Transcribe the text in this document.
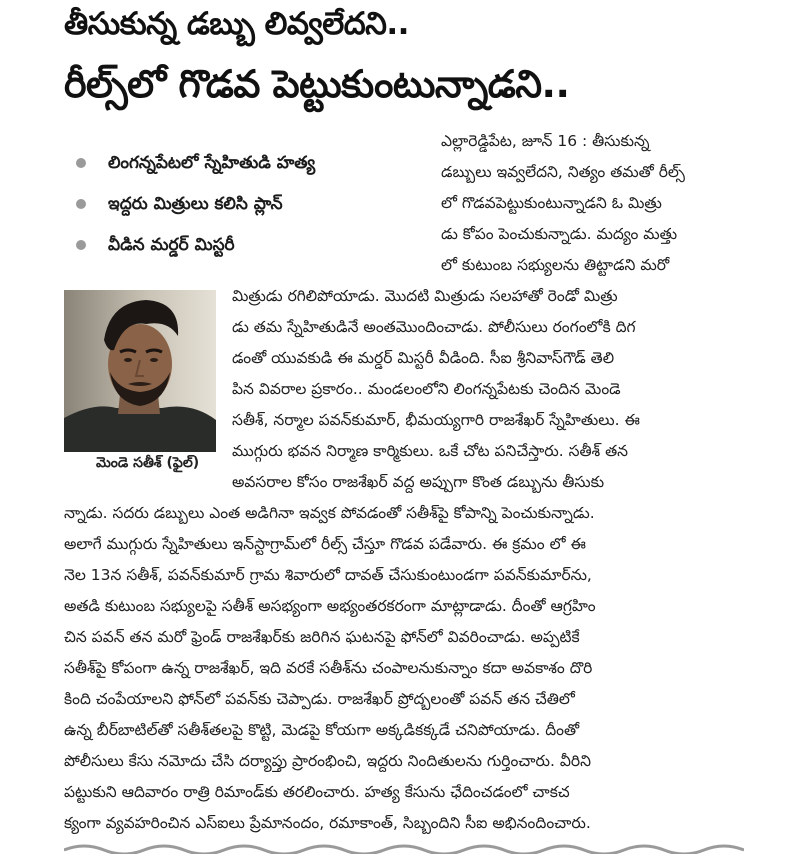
తీసుకున్న డబ్బు లివ్వలేదని..
రీల్స్‌లో గొడవ పెట్టుకుంటున్నాడని..
లింగన్నపేటలో స్నేహితుడి హత్య
ఇద్దరు మిత్రులు కలిసి ప్లాన్
వీడిన మర్డర్ మిస్టరీ
మెండె సతీశ్ (ఫైల్)
ఎల్లారెడ్డిపేట, జూన్ 16 : తీసుకున్న
డబ్బులు ఇవ్వలేదని, నిత్యం తమతో రీల్స్
లో గొడవపెట్టుకుంటున్నాడని ఓ మిత్రు
డు కోపం పెంచుకున్నాడు. మద్యం మత్తు
లో కుటుంబ సభ్యులను తిట్టాడని మరో
మిత్రుడు రగిలిపోయాడు. మొదటి మిత్రుడు సలహాతో రెండో మిత్రు
డు తమ స్నేహితుడినే అంతమొందించాడు. పోలీసులు రంగంలోకి దిగ
డంతో యువకుడి ఈ మర్డర్ మిస్టరీ వీడింది. సీఐ శ్రీనివాస్‌గౌడ్ తెలి
పిన వివరాల ప్రకారం.. మండలంలోని లింగన్నపేటకు చెందిన మెండె
సతీశ్, నర్మాల పవన్‌కుమార్, భీమయ్యగారి రాజశేఖర్ స్నేహితులు. ఈ
ముగ్గురు భవన నిర్మాణ కార్మికులు. ఒకే చోట పనిచేస్తారు. సతీశ్ తన
అవసరాల కోసం రాజశేఖర్ వద్ద అప్పుగా కొంత డబ్బును తీసుకు
న్నాడు. సదరు డబ్బులు ఎంత అడిగినా ఇవ్వక పోవడంతో సతీశ్‌పై కోపాన్ని పెంచుకున్నాడు.
అలాగే ముగ్గురు స్నేహితులు ఇన్‌స్టాగ్రామ్‌లో రీల్స్ చేస్తూ గొడవ పడేవారు. ఈ క్రమం లో ఈ
నెల 13న సతీశ్, పవన్‌కుమార్ గ్రామ శివారులో దావత్ చేసుకుంటుండగా పవన్‌కుమార్‌ను,
అతడి కుటుంబ సభ్యులపై సతీశ్ అసభ్యంగా అభ్యంతరకరంగా మాట్లాడాడు. దీంతో ఆగ్రహిం
చిన పవన్ తన మరో ఫ్రెండ్ రాజశేఖర్‌కు జరిగిన ఘటనపై ఫోన్‌లో వివరించాడు. అప్పటికే
సతీశ్‌పై కోపంగా ఉన్న రాజశేఖర్, ఇది వరకే సతీశ్‌ను చంపాలనుకున్నాం కదా అవకాశం దొరి
కింది చంపేయాలని ఫోన్‌లో పవన్‌కు చెప్పాడు. రాజశేఖర్ ప్రోద్బలంతో పవన్ తన చేతిలో
ఉన్న బీర్‌బాటిల్‌తో సతీశ్‌తలపై కొట్టి, మెడపై కోయగా అక్కడికక్కడే చనిపోయాడు. దీంతో
పోలీసులు కేసు నమోదు చేసి దర్యాప్తు ప్రారంభించి, ఇద్దరు నిందితులను గుర్తించారు. వీరిని
పట్టుకుని ఆదివారం రాత్రి రిమాండ్‌కు తరలించారు. హత్య కేసును ఛేదించడంలో చాకచ
క్యంగా వ్యవహరించిన ఎస్ఐలు ప్రేమానందం, రమాకాంత్, సిబ్బందిని సీఐ అభినందించారు.
